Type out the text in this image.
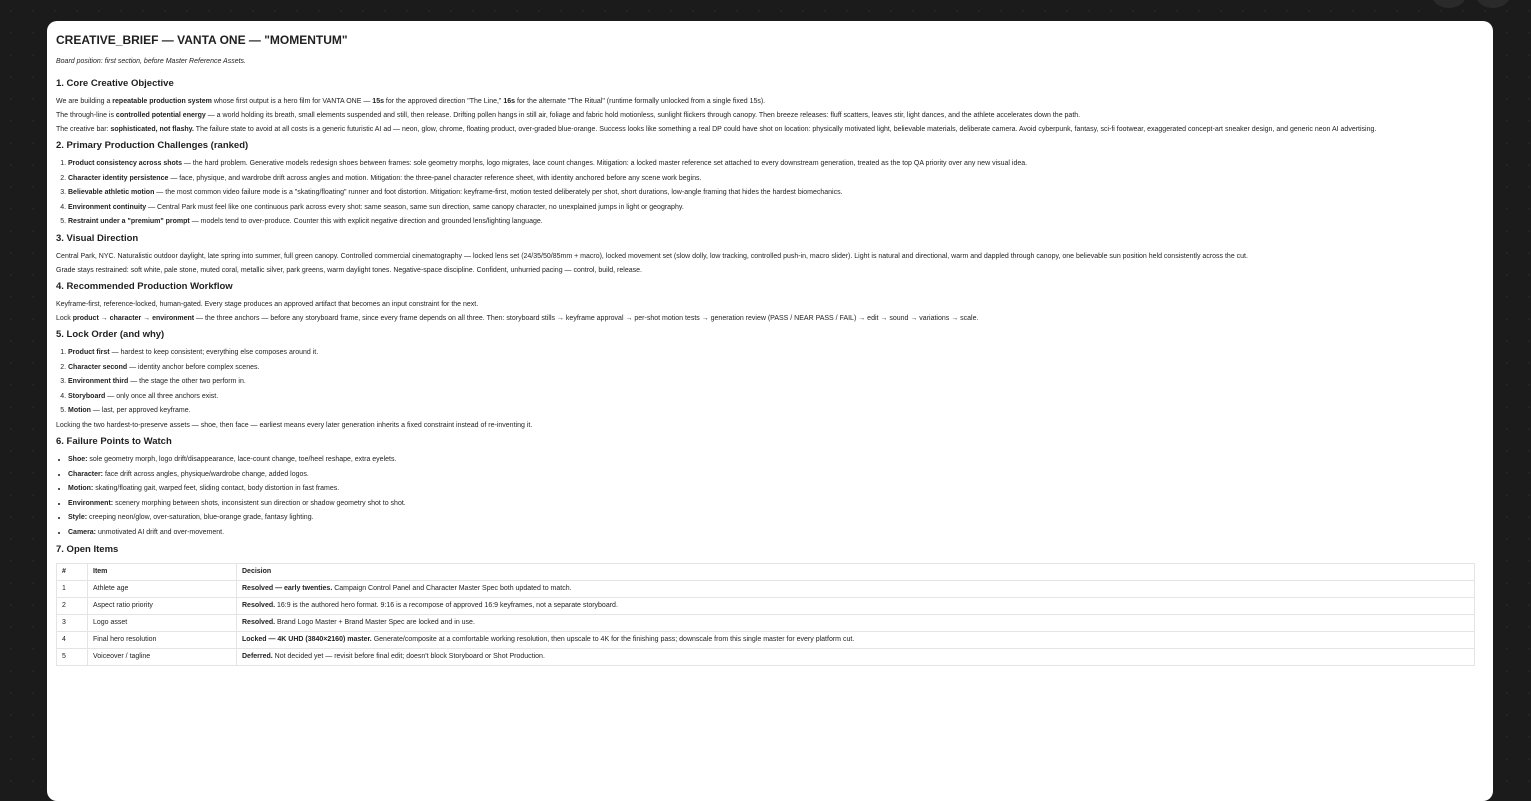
CREATIVE_BRIEF — VANTA ONE — "MOMENTUM"

Board position: first section, before Master Reference Assets.

1. Core Creative Objective

We are building a repeatable production system whose first output is a hero film for VANTA ONE — 15s for the approved direction "The Line," 16s for the alternate "The Ritual" (runtime formally unlocked from a single fixed 15s).

The through-line is controlled potential energy — a world holding its breath, small elements suspended and still, then release. Drifting pollen hangs in still air, foliage and fabric hold motionless, sunlight flickers through canopy. Then breeze releases: fluff scatters, leaves stir, light dances, and the athlete accelerates down the path.

The creative bar: sophisticated, not flashy. The failure state to avoid at all costs is a generic futuristic AI ad — neon, glow, chrome, floating product, over-graded blue-orange. Success looks like something a real DP could have shot on location: physically motivated light, believable materials, deliberate camera. Avoid cyberpunk, fantasy, sci-fi footwear, exaggerated concept-art sneaker design, and generic neon AI advertising.

2. Primary Production Challenges (ranked)
1. Product consistency across shots — the hard problem. Generative models redesign shoes between frames: sole geometry morphs, logo migrates, lace count changes. Mitigation: a locked master reference set attached to every downstream generation, treated as the top QA priority over any new visual idea.
2. Character identity persistence — face, physique, and wardrobe drift across angles and motion. Mitigation: the three-panel character reference sheet, with identity anchored before any scene work begins.
3. Believable athletic motion — the most common video failure mode is a "skating/floating" runner and foot distortion. Mitigation: keyframe-first, motion tested deliberately per shot, short durations, low-angle framing that hides the hardest biomechanics.
4. Environment continuity — Central Park must feel like one continuous park across every shot: same season, same sun direction, same canopy character, no unexplained jumps in light or geography.
5. Restraint under a "premium" prompt — models tend to over-produce. Counter this with explicit negative direction and grounded lens/lighting language.
3. Visual Direction

Central Park, NYC. Naturalistic outdoor daylight, late spring into summer, full green canopy. Controlled commercial cinematography — locked lens set (24/35/50/85mm + macro), locked movement set (slow dolly, low tracking, controlled push-in, macro slider). Light is natural and directional, warm and dappled through canopy, one believable sun position held consistently across the cut.

Grade stays restrained: soft white, pale stone, muted coral, metallic silver, park greens, warm daylight tones. Negative-space discipline. Confident, unhurried pacing — control, build, release.

4. Recommended Production Workflow

Keyframe-first, reference-locked, human-gated. Every stage produces an approved artifact that becomes an input constraint for the next.

Lock product → character → environment — the three anchors — before any storyboard frame, since every frame depends on all three. Then: storyboard stills → keyframe approval → per-shot motion tests → generation review (PASS / NEAR PASS / FAIL) → edit → sound → variations → scale.

5. Lock Order (and why)
1. Product first — hardest to keep consistent; everything else composes around it.
2. Character second — identity anchor before complex scenes.
3. Environment third — the stage the other two perform in.
4. Storyboard — only once all three anchors exist.
5. Motion — last, per approved keyframe.

Locking the two hardest-to-preserve assets — shoe, then face — earliest means every later generation inherits a fixed constraint instead of re-inventing it.

6. Failure Points to Watch
• Shoe: sole geometry morph, logo drift/disappearance, lace-count change, toe/heel reshape, extra eyelets.
• Character: face drift across angles, physique/wardrobe change, added logos.
• Motion: skating/floating gait, warped feet, sliding contact, body distortion in fast frames.
• Environment: scenery morphing between shots, inconsistent sun direction or shadow geometry shot to shot.
• Style: creeping neon/glow, over-saturation, blue-orange grade, fantasy lighting.
• Camera: unmotivated AI drift and over-movement.
7. Open Items
#	Item	Decision
1	Athlete age	Resolved — early twenties. Campaign Control Panel and Character Master Spec both updated to match.
2	Aspect ratio priority	Resolved. 16:9 is the authored hero format. 9:16 is a recompose of approved 16:9 keyframes, not a separate storyboard.
3	Logo asset	Resolved. Brand Logo Master + Brand Master Spec are locked and in use.
4	Final hero resolution	Locked — 4K UHD (3840×2160) master. Generate/composite at a comfortable working resolution, then upscale to 4K for the finishing pass; downscale from this single master for every platform cut.
5	Voiceover / tagline	Deferred. Not decided yet — revisit before final edit; doesn't block Storyboard or Shot Production.
